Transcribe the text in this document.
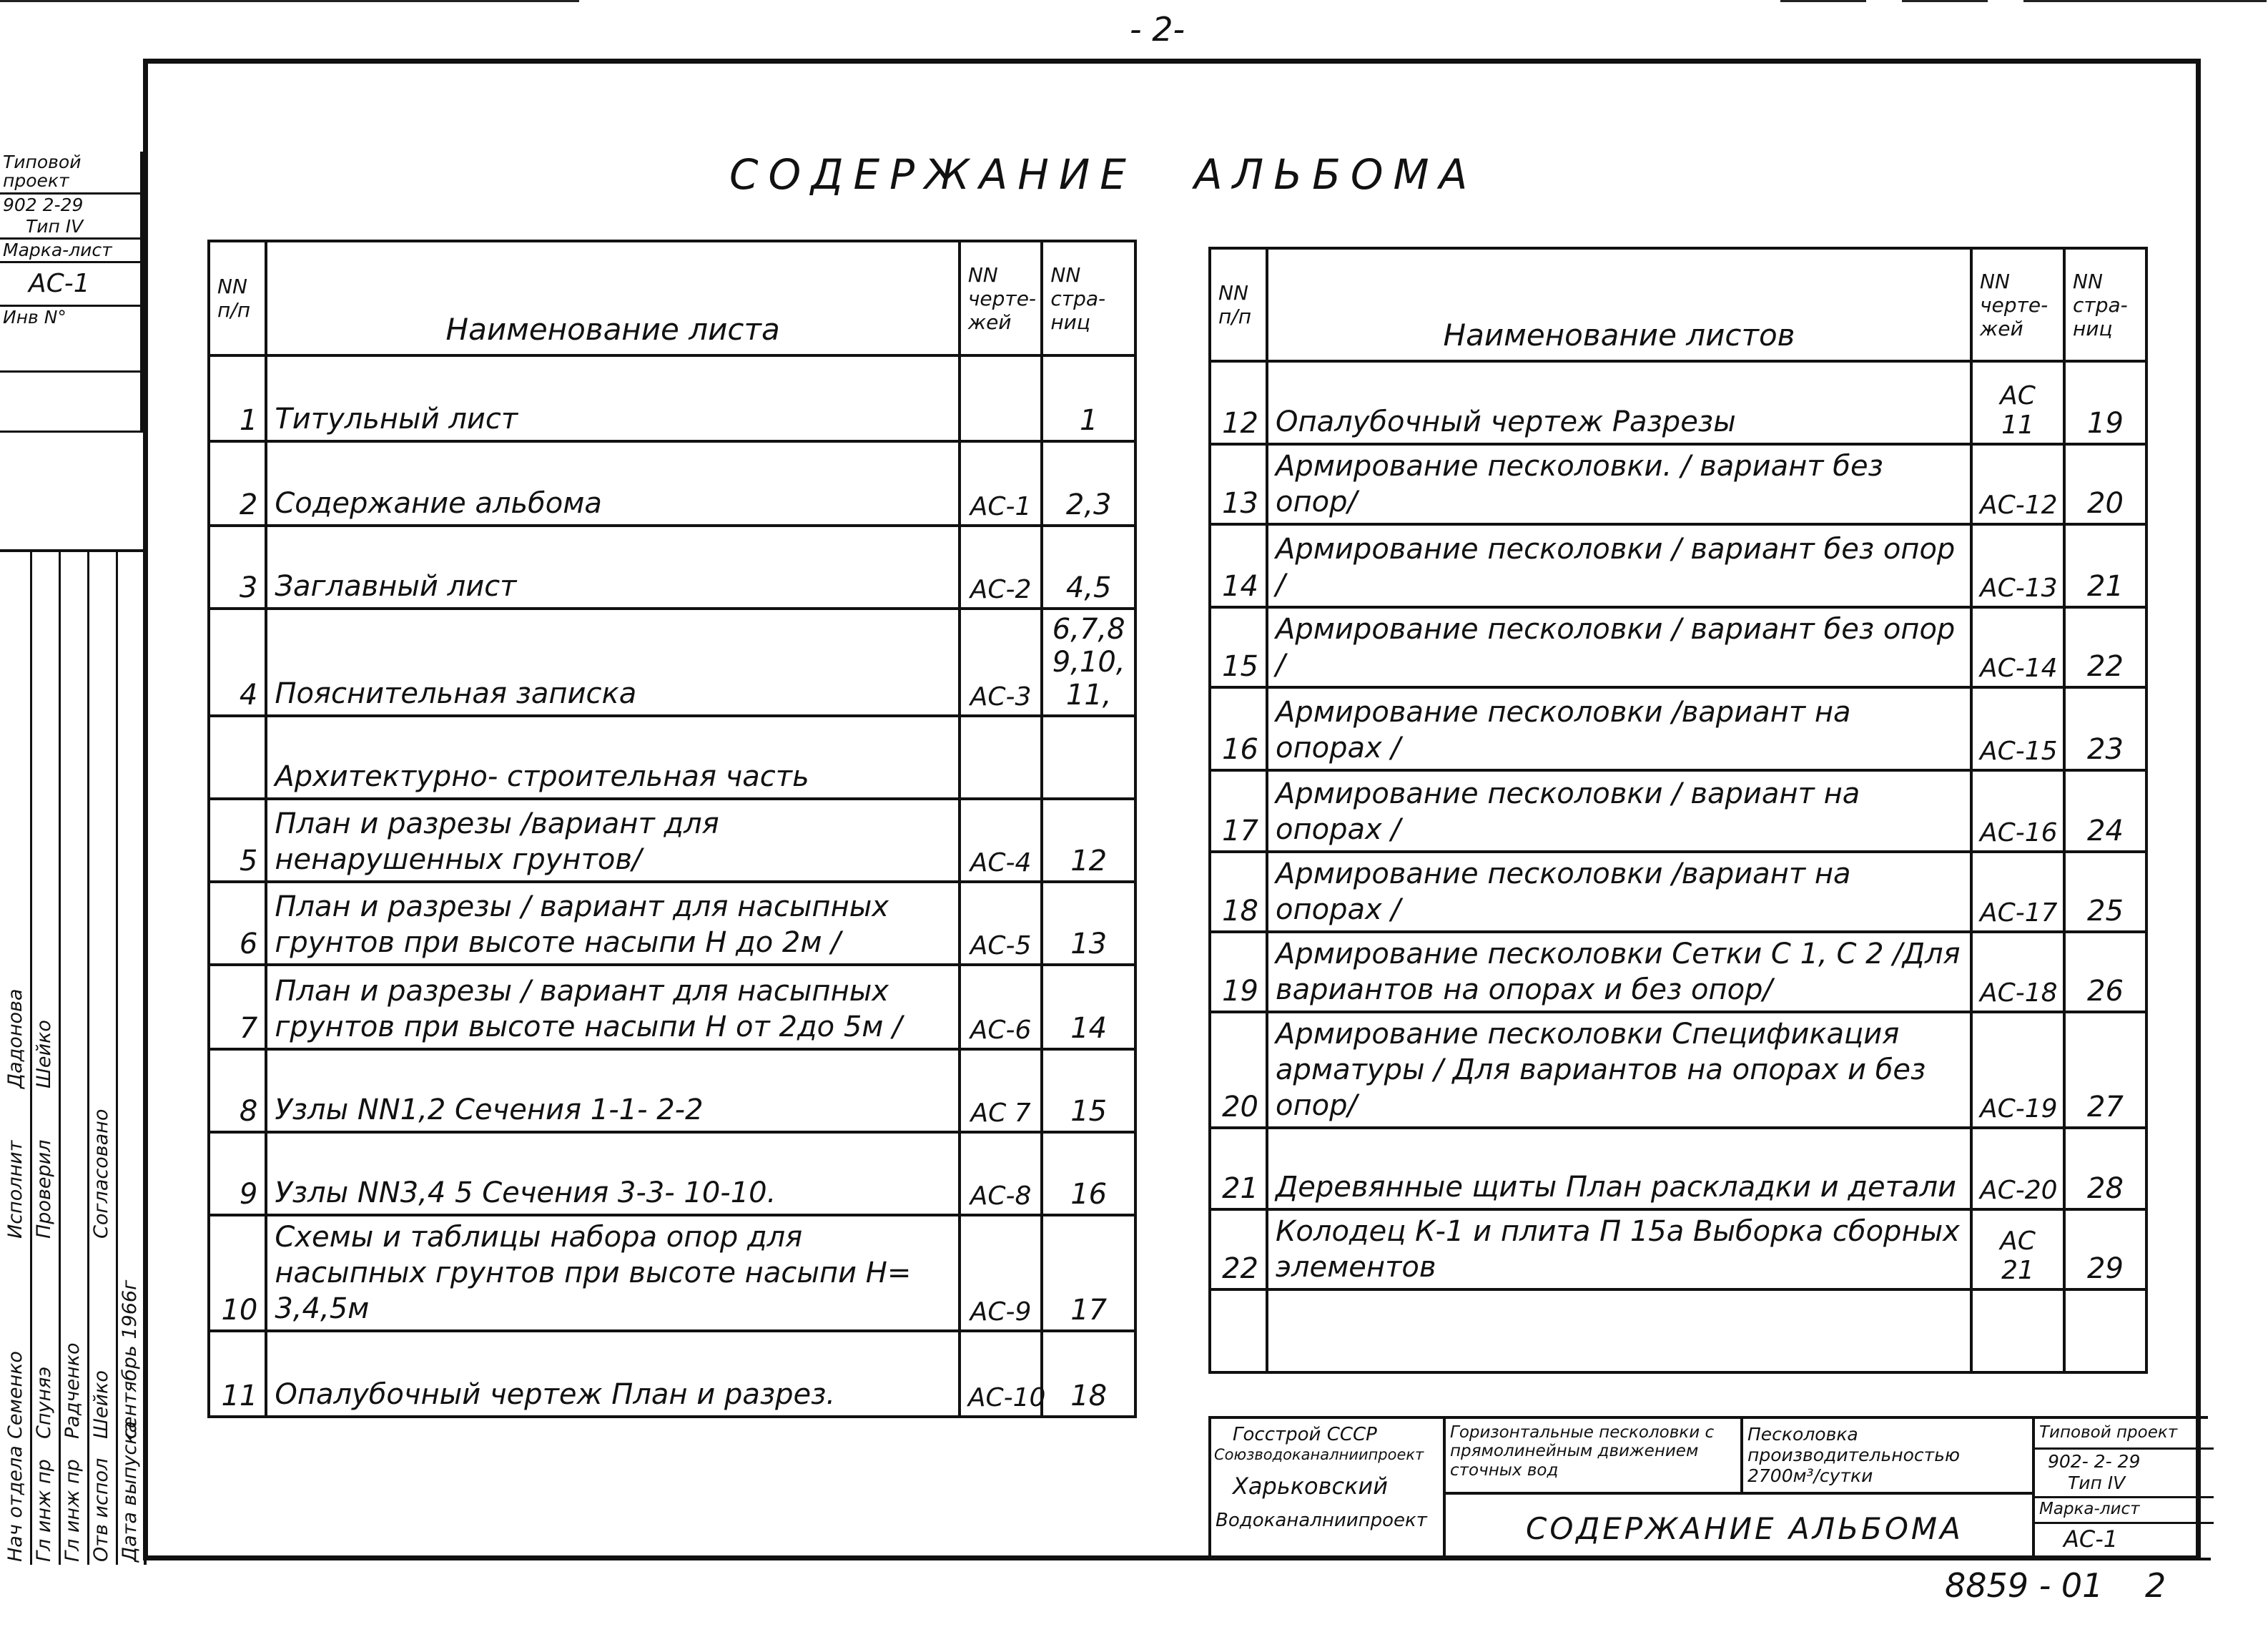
- 2-
Типовой проект
902 2-29
Тип IV
Марка-лист
АС-1
Инв N°
Нач отдела Гл инж пр Гл инж пр Отв испол Дата выпуска
Семенко Спуняэ Радченко Шейко сентябрь 1966г
Исполнит Проверил
Дадонова Шейко
Согласовано
СОДЕРЖАНИЕ АЛЬБОМА
NN п/п	Наименование листа	NN черте-жей	NN стра-ниц
1	Титульный лист		1
2	Содержание альбома	АС-1	2,3
3	Заглавный лист	АС-2	4,5
4	Пояснительная записка	АС-3	6,7,8 9,10, 11,
	Архитектурно- строительная часть		
5	План и разрезы /вариант для ненарушенных грунтов/	АС-4	12
6	План и разрезы / вариант для насыпных грунтов при высоте насыпи Н до 2м /	АС-5	13
7	План и разрезы / вариант для насыпных грунтов при высоте насыпи Н от 2до 5м /	АС-6	14
8	Узлы NN1,2 Сечения 1-1- 2-2	АС 7	15
9	Узлы NN3,4 5 Сечения 3-3- 10-10.	АС-8	16
10	Схемы и таблицы набора опор для насыпных грунтов при высоте насыпи Н= 3,4,5м	АС-9	17
11	Опалубочный чертеж План и разрез.	АС-10	18
NN п/п	Наименование листов	NN черте-жей	NN стра-ниц
12	Опалубочный чертеж Разрезы	АС 11	19
13	Армирование песколовки. / вариант без опор/	АС-12	20
14	Армирование песколовки / вариант без опор /	АС-13	21
15	Армирование песколовки / вариант без опор /	АС-14	22
16	Армирование песколовки /вариант на опорах /	АС-15	23
17	Армирование песколовки / вариант на опорах /	АС-16	24
18	Армирование песколовки /вариант на опорах /	АС-17	25
19	Армирование песколовки Сетки С 1, С 2 /Для вариантов на опорах и без опор/	АС-18	26
20	Армирование песколовки Спецификация арматуры / Для вариантов на опорах и без опор/	АС-19	27
21	Деревянные щиты План раскладки и детали	АС-20	28
22	Колодец К-1 и плита П 15а Выборка сборных элементов	АС 21	29

Госстрой СССР
Союзводоканалниипроект
Харьковский
Водоканалниипроект
Горизонтальные песколовки с прямолинейным движением сточных вод
Песколовка производительностью 2700м³/сутки
СОДЕРЖАНИЕ АЛЬБОМА
Типовой проект
902- 2- 29
Тип IV
Марка-лист
АС-1
8859 - 01 2
